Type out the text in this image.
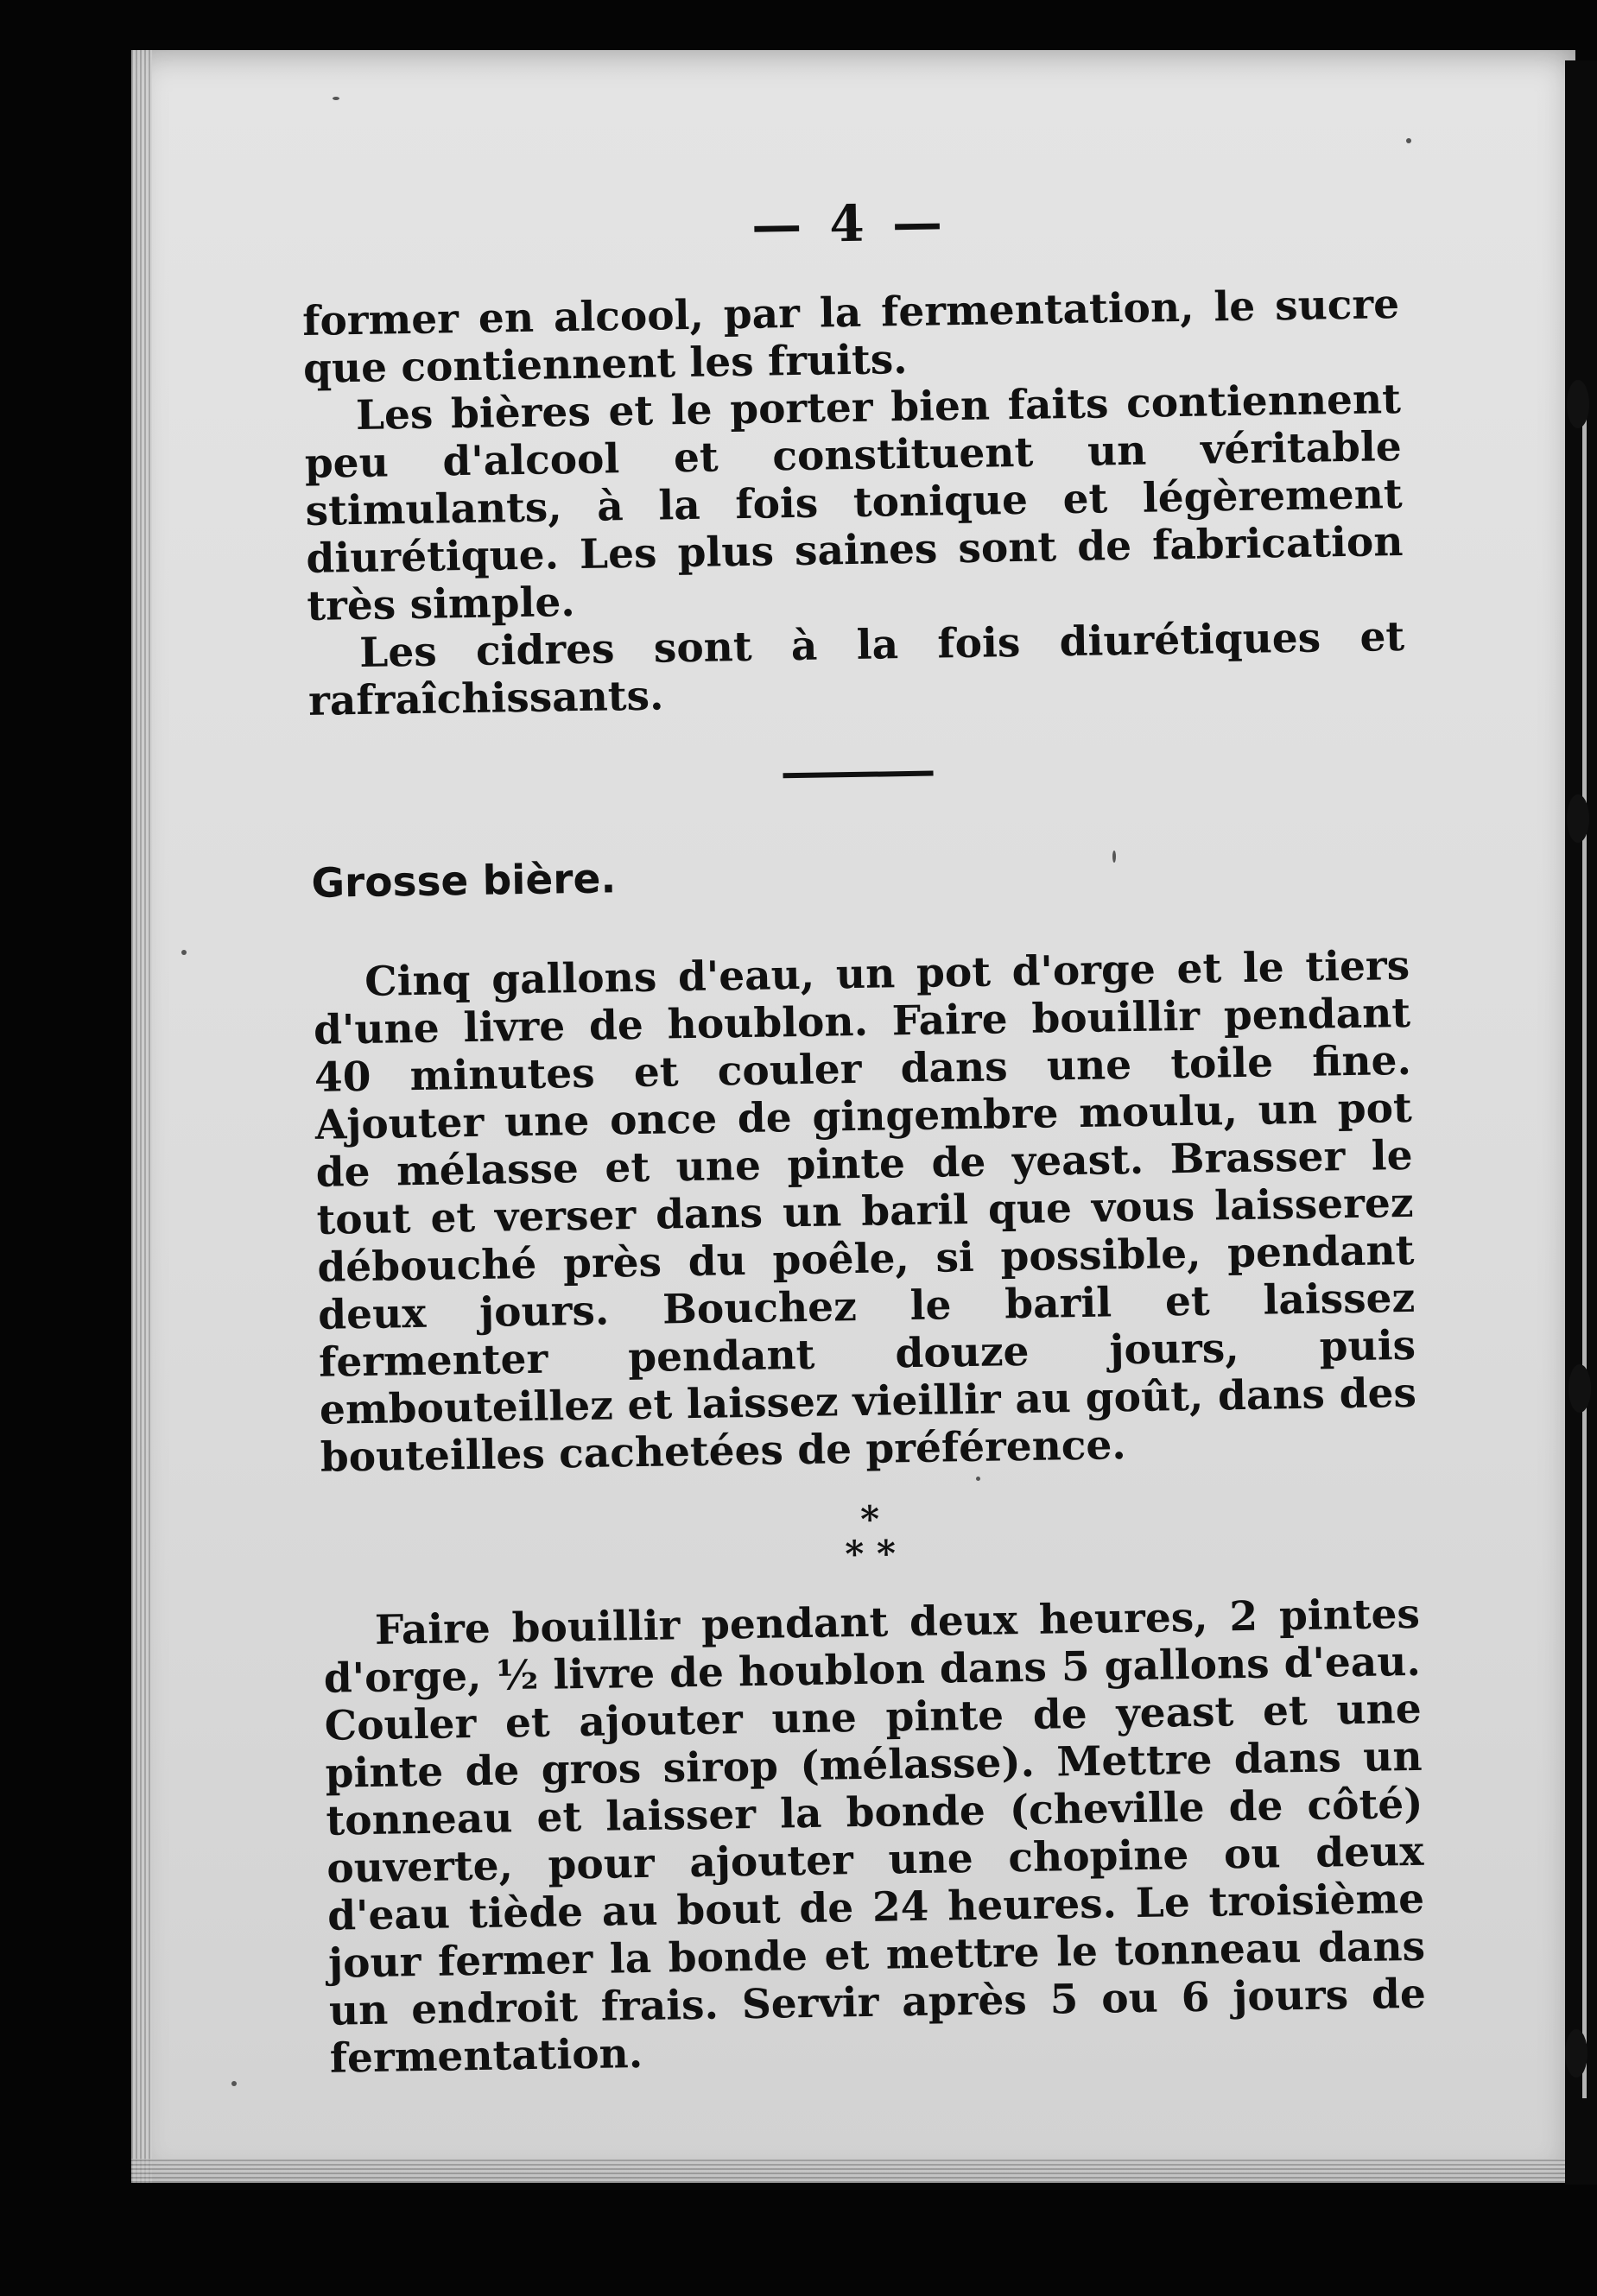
— 4 —

former en alcool, par la fermentation, le sucre que contiennent les fruits.

Les bières et le porter bien faits contiennent peu d'alcool et constituent un véritable stimulants, à la fois tonique et légèrement diurétique. Les plus saines sont de fabrication très simple.

Les cidres sont à la fois diurétiques et rafraîchissants.

Grosse bière.

Cinq gallons d'eau, un pot d'orge et le tiers d'une livre de houblon. Faire bouillir pendant 40 minutes et couler dans une toile fine. Ajouter une once de gingembre moulu, un pot de mélasse et une pinte de yeast. Brasser le tout et verser dans un baril que vous laisserez débouché près du poêle, si possible, pendant deux jours. Bouchez le baril et laissez fermenter pendant douze jours, puis embouteillez et laissez vieillir au goût, dans des bouteilles cachetées de préférence.

*
* *

Faire bouillir pendant deux heures, 2 pintes d'orge, ½ livre de houblon dans 5 gallons d'eau. Couler et ajouter une pinte de yeast et une pinte de gros sirop (mélasse). Mettre dans un tonneau et laisser la bonde (cheville de côté) ouverte, pour ajouter une chopine ou deux d'eau tiède au bout de 24 heures. Le troisième jour fermer la bonde et mettre le tonneau dans un endroit frais. Servir après 5 ou 6 jours de fermentation.
